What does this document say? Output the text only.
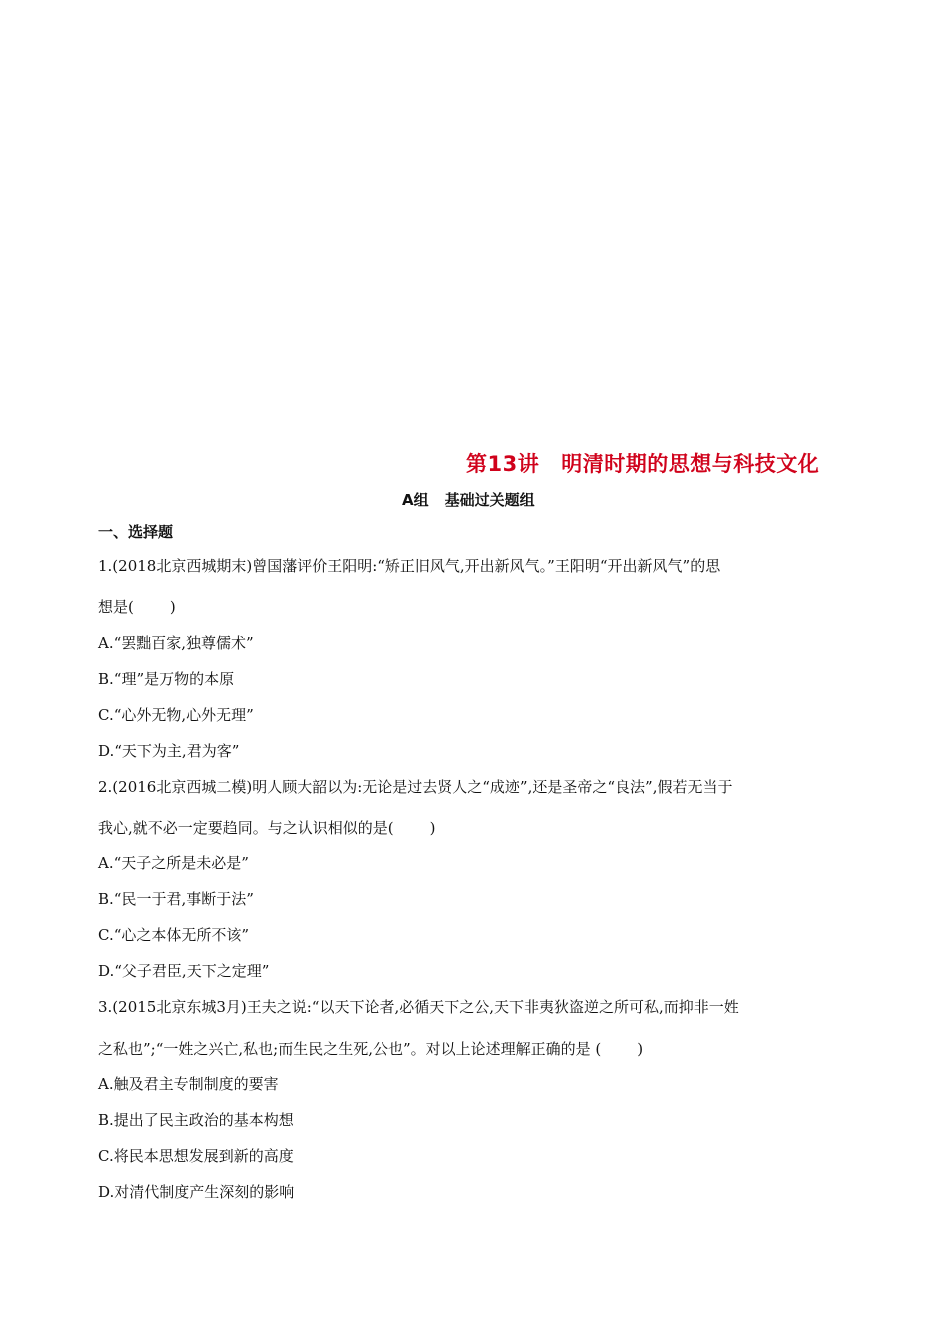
第13讲 明清时期的思想与科技文化
A组 基础过关题组
一、选择题
1.(2018北京西城期末)曾国藩评价王阳明:“矫正旧风气,开出新风气。”王阳明“开出新风气”的思
想是( )
A.“罢黜百家,独尊儒术”
B.“理”是万物的本原
C.“心外无物,心外无理”
D.“天下为主,君为客”
2.(2016北京西城二模)明人顾大韶以为:无论是过去贤人之“成迹”,还是圣帝之“良法”,假若无当于
我心,就不必一定要趋同。与之认识相似的是( )
A.“天子之所是未必是”
B.“民一于君,事断于法”
C.“心之本体无所不该”
D.“父子君臣,天下之定理”
3.(2015北京东城3月)王夫之说:“以天下论者,必循天下之公,天下非夷狄盗逆之所可私,而抑非一姓
之私也”;“一姓之兴亡,私也;而生民之生死,公也”。对以上论述理解正确的是 ( )
A.触及君主专制制度的要害
B.提出了民主政治的基本构想
C.将民本思想发展到新的高度
D.对清代制度产生深刻的影响
